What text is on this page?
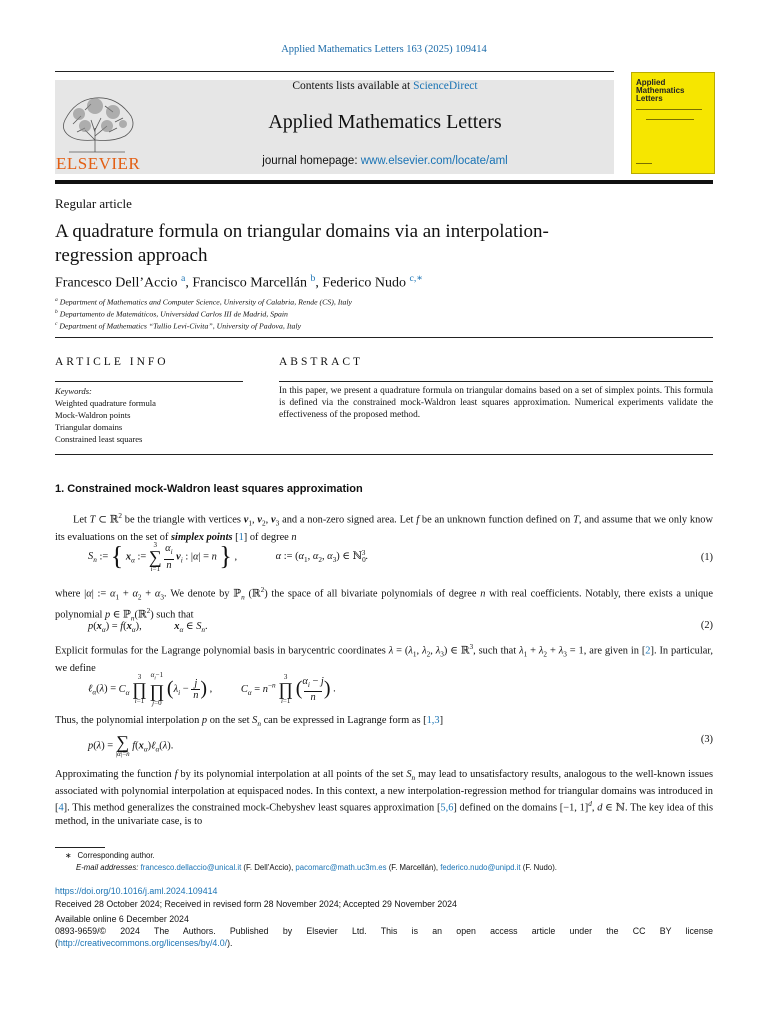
Applied Mathematics Letters 163 (2025) 109414
ELSEVIER
Contents lists available at ScienceDirect
Applied Mathematics Letters
journal homepage: www.elsevier.com/locate/aml
Applied Mathematics Letters
Regular article
A quadrature formula on triangular domains via an interpolation-regression approach
Francesco Dell’Accio $^a$, Francisco Marcellán $^b$, Federico Nudo $^{c,∗}$
$^a$ Department of Mathematics and Computer Science, University of Calabria, Rende (CS), Italy
$^b$ Departamento de Matemáticos, Universidad Carlos III de Madrid, Spain
$^c$ Department of Mathematics “Tullio Levi-Civita”, University of Padova, Italy
ARTICLE INFO	ABSTRACT
Keywords:
Weighted quadrature formula
Mock-Waldron points
Triangular domains
Constrained least squares
In this paper, we present a quadrature formula on triangular domains based on a set of simplex points. This formula is defined via the constrained mock-Waldron least squares approximation. Numerical experiments validate the effectiveness of the proposed method.
1. Constrained mock-Waldron least squares approximation
Let T ⊂ ℝ$^2$ be the triangle with vertices $v_1$, $v_2$, $v_3$ and a non-zero signed area. Let f be an unknown function defined on T, and assume that we only know its evaluations on the set of simplex points [1] of degree n
$S_n$ := { $x_\alpha$ := 3
∑
$i=1 \frac{\alpha_i}{n} v_i$ : |α| = n } ,	α := ($\alpha_1$, $\alpha_2$, $\alpha_3$) ∈ ℕ$_0^3$.	(1)
where |α| := $\alpha_1 + \alpha_2 + \alpha_3$. We denote by ℙ$_n$ (ℝ$^2$) the space of all bivariate polynomials of degree n with real coefficients. Notably, there exists a unique polynomial p ∈ ℙ$_n$(ℝ$^2$) such that
$p(x_\alpha) = f(x_\alpha)$,	$x_\alpha$ ∈ $S_n$.	(2)
Explicit formulas for the Lagrange polynomial basis in barycentric coordinates $\lambda = (\lambda_1$, $\lambda_2$, $\lambda_3$) ∈ ℝ$^3$, such that $\lambda_1 + \lambda_2 + \lambda_3 = 1$, are given in [2]. In particular, we define
ℓ$_\alpha$(λ) = $C_\alpha$ 3
∏
i=1 $\alpha_i-1$
∏
j=0 $(\lambda_i - \frac{j}{n})$ ,	$C_\alpha = n^{-n}$ 3
∏
i=1 ($\alpha_i - j$
n ) .
Thus, the polynomial interpolation p on the set $S_n$ can be expressed in Lagrange form as [1,3]
p(λ) = ∑
|α|=n $f(x_\alpha)\ell_\alpha(\lambda)$.
(3)
Approximating the function f by its polynomial interpolation at all points of the set $S_n$ may lead to unsatisfactory results, analogous to the well-known issues associated with polynomial interpolation at equispaced nodes. In this context, a new interpolation-regression method for triangular domains was introduced in [4]. This method generalizes the constrained mock-Chebyshev least squares approximation [5,6] defined on the domains [−1, 1]$^d$, d ∈ ℕ. The key idea of this method, in the univariate case, is to
∗ Corresponding author.
E-mail addresses: francesco.dellaccio@unical.it (F. Dell’Accio), pacomarc@math.uc3m.es (F. Marcellán), federico.nudo@unipd.it (F. Nudo).
https://doi.org/10.1016/j.aml.2024.109414
Received 28 October 2024; Received in revised form 28 November 2024; Accepted 29 November 2024
Available online 6 December 2024
0893-9659/© 2024 The Authors. Published by Elsevier Ltd. This is an open access article under the CC BY license
(http://creativecommons.org/licenses/by/4.0/).
